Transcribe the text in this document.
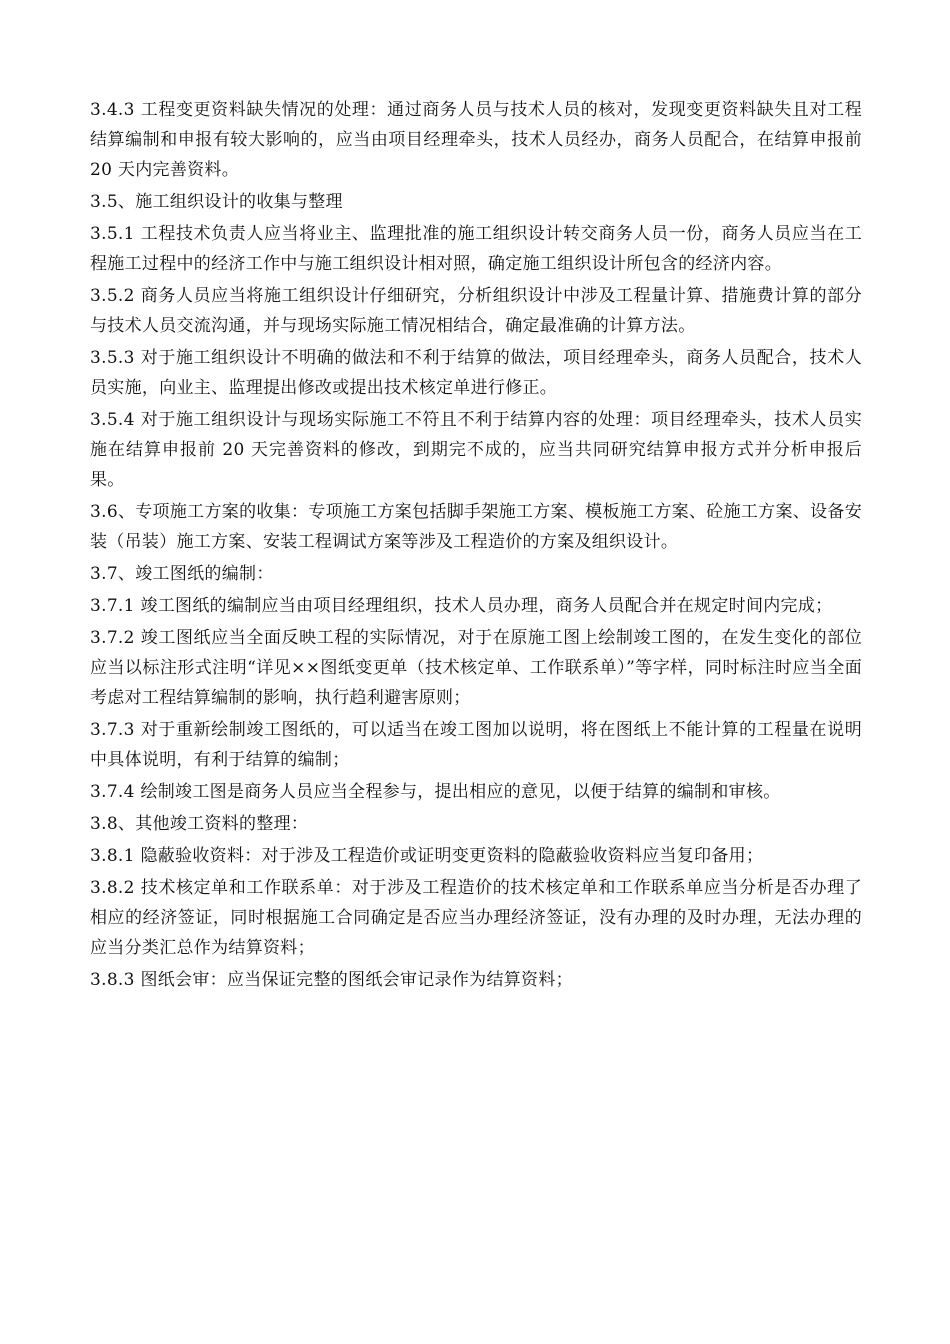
3.4.3 工程变更资料缺失情况的处理：通过商务人员与技术人员的核对，发现变更资料缺失且对工程结算编制和申报有较大影响的，应当由项目经理牵头，技术人员经办，商务人员配合，在结算申报前 20 天内完善资料。

3.5、施工组织设计的收集与整理

3.5.1 工程技术负责人应当将业主、监理批准的施工组织设计转交商务人员一份，商务人员应当在工程施工过程中的经济工作中与施工组织设计相对照，确定施工组织设计所包含的经济内容。

3.5.2 商务人员应当将施工组织设计仔细研究，分析组织设计中涉及工程量计算、措施费计算的部分与技术人员交流沟通，并与现场实际施工情况相结合，确定最准确的计算方法。

3.5.3 对于施工组织设计不明确的做法和不利于结算的做法，项目经理牵头，商务人员配合，技术人员实施，向业主、监理提出修改或提出技术核定单进行修正。

3.5.4 对于施工组织设计与现场实际施工不符且不利于结算内容的处理：项目经理牵头，技术人员实施在结算申报前 20 天完善资料的修改，到期完不成的，应当共同研究结算申报方式并分析申报后果。

3.6、专项施工方案的收集：专项施工方案包括脚手架施工方案、模板施工方案、砼施工方案、设备安装（吊装）施工方案、安装工程调试方案等涉及工程造价的方案及组织设计。

3.7、竣工图纸的编制：

3.7.1 竣工图纸的编制应当由项目经理组织，技术人员办理，商务人员配合并在规定时间内完成；

3.7.2 竣工图纸应当全面反映工程的实际情况，对于在原施工图上绘制竣工图的，在发生变化的部位应当以标注形式注明“详见××图纸变更单（技术核定单、工作联系单）”等字样，同时标注时应当全面考虑对工程结算编制的影响，执行趋利避害原则；

3.7.3 对于重新绘制竣工图纸的，可以适当在竣工图加以说明，将在图纸上不能计算的工程量在说明中具体说明，有利于结算的编制；

3.7.4 绘制竣工图是商务人员应当全程参与，提出相应的意见，以便于结算的编制和审核。

3.8、其他竣工资料的整理：

3.8.1 隐蔽验收资料：对于涉及工程造价或证明变更资料的隐蔽验收资料应当复印备用；

3.8.2 技术核定单和工作联系单：对于涉及工程造价的技术核定单和工作联系单应当分析是否办理了相应的经济签证，同时根据施工合同确定是否应当办理经济签证，没有办理的及时办理，无法办理的应当分类汇总作为结算资料；

3.8.3 图纸会审：应当保证完整的图纸会审记录作为结算资料；
